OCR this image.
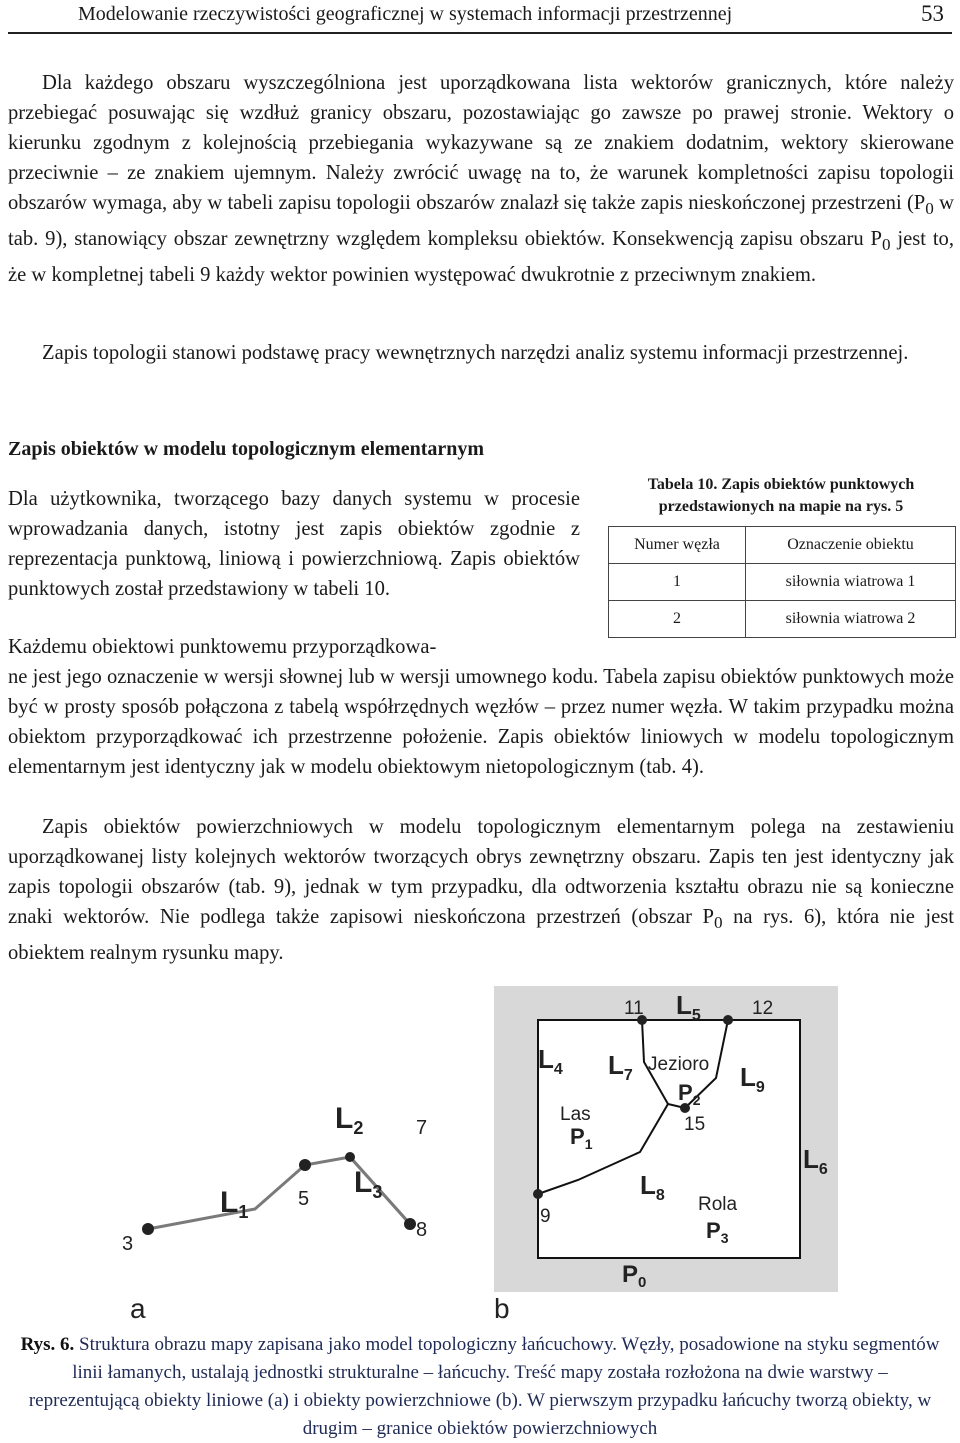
Modelowanie rzeczywistości geograficznej w systemach informacji przestrzennej	53

Dla każdego obszaru wyszczególniona jest uporządkowana lista wektorów granicznych, które należy przebiegać posuwając się wzdłuż granicy obszaru, pozostawiając go zawsze po prawej stronie. Wektory o kierunku zgodnym z kolejnością przebiegania wykazywane są ze znakiem dodatnim, wektory skierowane przeciwnie – ze znakiem ujemnym. Należy zwrócić uwagę na to, że warunek kompletności zapisu topologii obszarów wymaga, aby w tabeli zapisu topologii obszarów znalazł się także zapis nieskończonej przestrzeni ($P_0$ w tab. 9), stanowiący obszar zewnętrzny względem kompleksu obiektów. Konsekwencją zapisu obszaru $P_0$ jest to, że w kompletnej tabeli 9 każdy wektor powinien występować dwukrotnie z przeciwnym znakiem.

Zapis topologii stanowi podstawę pracy wewnętrznych narzędzi analiz systemu informacji przestrzennej.

Zapis obiektów w modelu topologicznym elementarnym

Dla użytkownika, tworzącego bazy danych systemu w procesie wprowadzania danych, istotny jest zapis obiektów zgodnie z reprezentacja punktową, liniową i powierzchniową. Zapis obiektów punktowych został przedstawiony w tabeli 10.

Każdemu obiektowi punktowemu przyporządkowa-

Tabela 10. Zapis obiektów punktowych przedstawionych na mapie na rys. 5
Numer węzła	Oznaczenie obiektu
1	siłownia wiatrowa 1
2	siłownia wiatrowa 2

ne jest jego oznaczenie w wersji słownej lub w wersji umownego kodu. Tabela zapisu obiektów punktowych może być w prosty sposób połączona z tabelą współrzędnych węzłów – przez numer węzła. W takim przypadku można obiektom przyporządkować ich przestrzenne położenie. Zapis obiektów liniowych w modelu topologicznym elementarnym jest identyczny jak w modelu obiektowym nietopologicznym (tab. 4).

Zapis obiektów powierzchniowych w modelu topologicznym elementarnym polega na zestawieniu uporządkowanej listy kolejnych wektorów tworzących obrys zewnętrzny obszaru. Zapis ten jest identyczny jak zapis topologii obszarów (tab. 9), jednak w tym przypadku, dla odtworzenia kształtu obrazu nie są konieczne znaki wektorów. Nie podlega także zapisowi nieskończona przestrzeń (obszar $P_0$ na rys. 6), która nie jest obiektem realnym rysunku mapy.

3
5
7
8
$L_1$
$L_2$
$L_3$
a
11	12
15
9
$L_5$
$L_4$ $L_7$	$L_9$
$L_6$
$L_8$
Jeziorо
$P_2$
Las
$P_1$
Rola
$P_3$
$P_0$
b
Rys. 6. Struktura obrazu mapy zapisana jako model topologiczny łańcuchowy. Węzły, posadowione na styku segmentów linii łamanych, ustalają jednostki strukturalne – łańcuchy. Treść mapy została rozłożona na dwie warstwy – reprezentującą obiekty liniowe (a) i obiekty powierzchniowe (b). W pierwszym przypadku łańcuchy tworzą obiekty, w drugim – granice obiektów powierzchniowych
